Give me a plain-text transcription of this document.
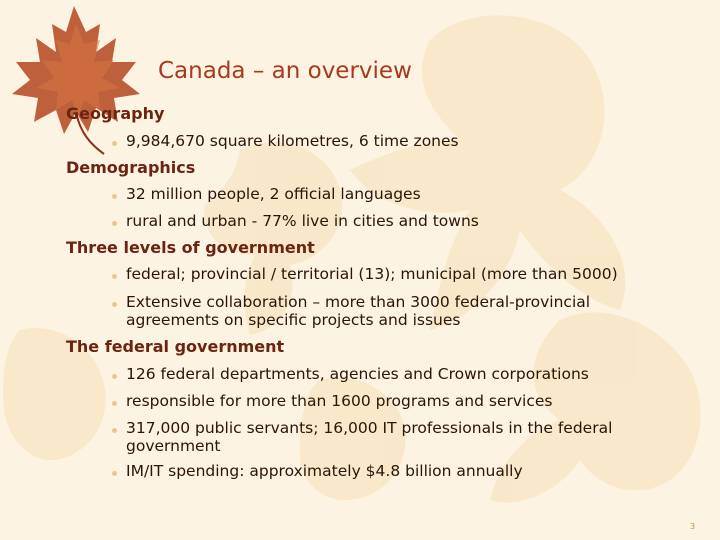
Canada – an overview
Geography
9,984,670 square kilometres, 6 time zones
Demographics
32 million people, 2 official languages
rural and urban - 77% live in cities and towns
Three levels of government
federal; provincial / territorial (13); municipal (more than 5000)
Extensive collaboration – more than 3000 federal-provincial agreements on specific projects and issues
The federal government
126 federal departments, agencies and Crown corporations
responsible for more than 1600 programs and services
317,000 public servants; 16,000 IT professionals in the federal government
IM/IT spending: approximately $4.8 billion annually
3
